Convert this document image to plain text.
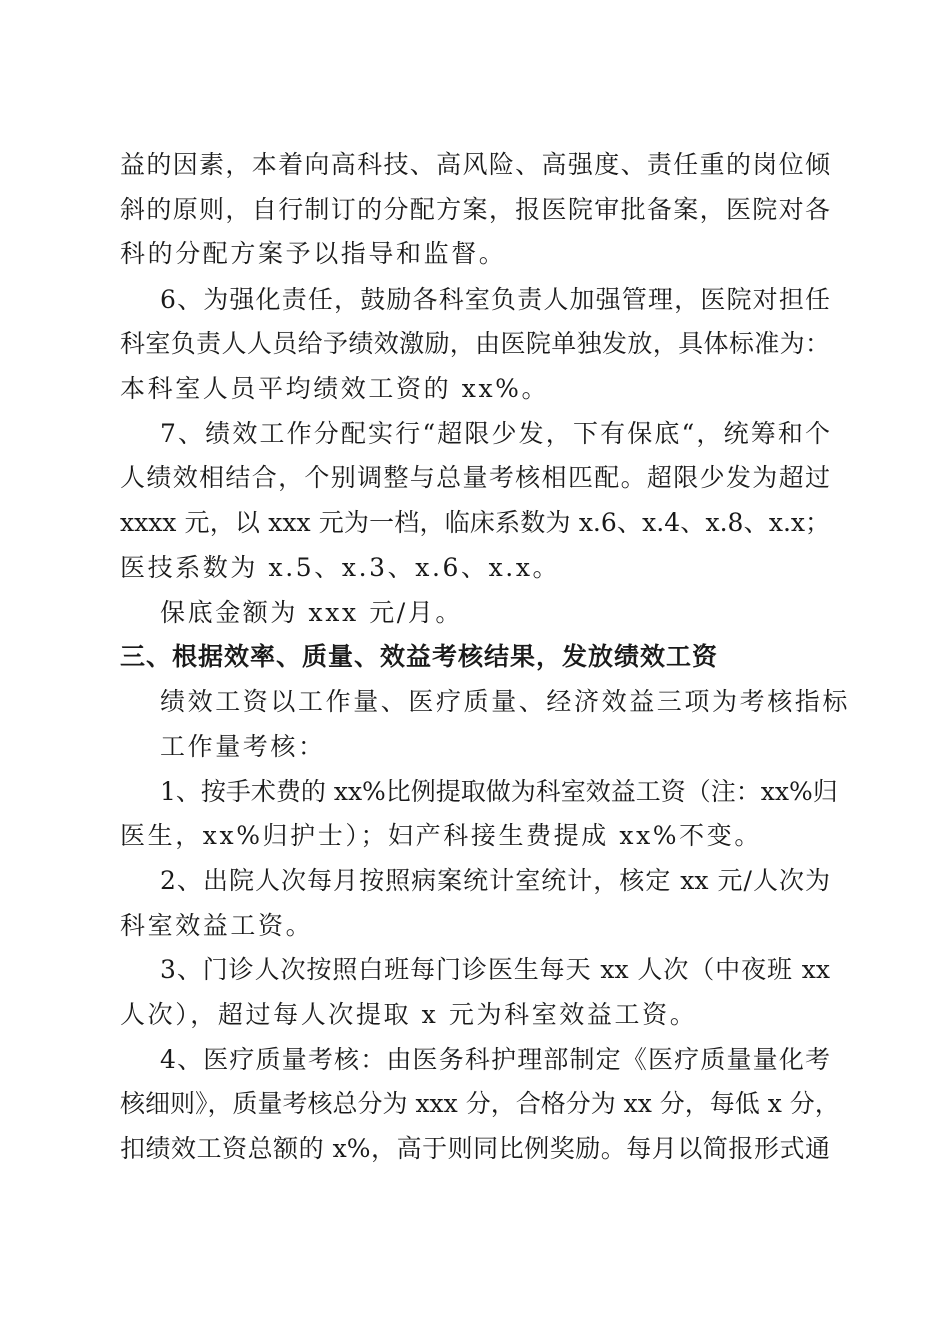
益的因素，本着向高科技、高风险、高强度、责任重的岗位倾
斜的原则，自行制订的分配方案，报医院审批备案，医院对各
科的分配方案予以指导和监督。
6、为强化责任，鼓励各科室负责人加强管理，医院对担任
科室负责人人员给予绩效激励，由医院单独发放，具体标准为：
本科室人员平均绩效工资的 xx%。
7、绩效工作分配实行“超限少发，下有保底“，统筹和个
人绩效相结合，个别调整与总量考核相匹配。超限少发为超过
xxxx 元，以 xxx 元为一档，临床系数为 x.6、x.4、x.8、x.x；
医技系数为 x.5、x.3、x.6、x.x。
保底金额为 xxx 元/月。
三、根据效率、质量、效益考核结果，发放绩效工资
绩效工资以工作量、医疗质量、经济效益三项为考核指标
工作量考核：
1、按手术费的 xx%比例提取做为科室效益工资（注：xx%归
医生，xx%归护士）；妇产科接生费提成 xx%不变。
2、出院人次每月按照病案统计室统计，核定 xx 元/人次为
科室效益工资。
3、门诊人次按照白班每门诊医生每天 xx 人次（中夜班 xx
人次），超过每人次提取 x 元为科室效益工资。
4、医疗质量考核：由医务科护理部制定《医疗质量量化考
核细则》，质量考核总分为 xxx 分，合格分为 xx 分，每低 x 分，
扣绩效工资总额的 x%，高于则同比例奖励。每月以简报形式通
